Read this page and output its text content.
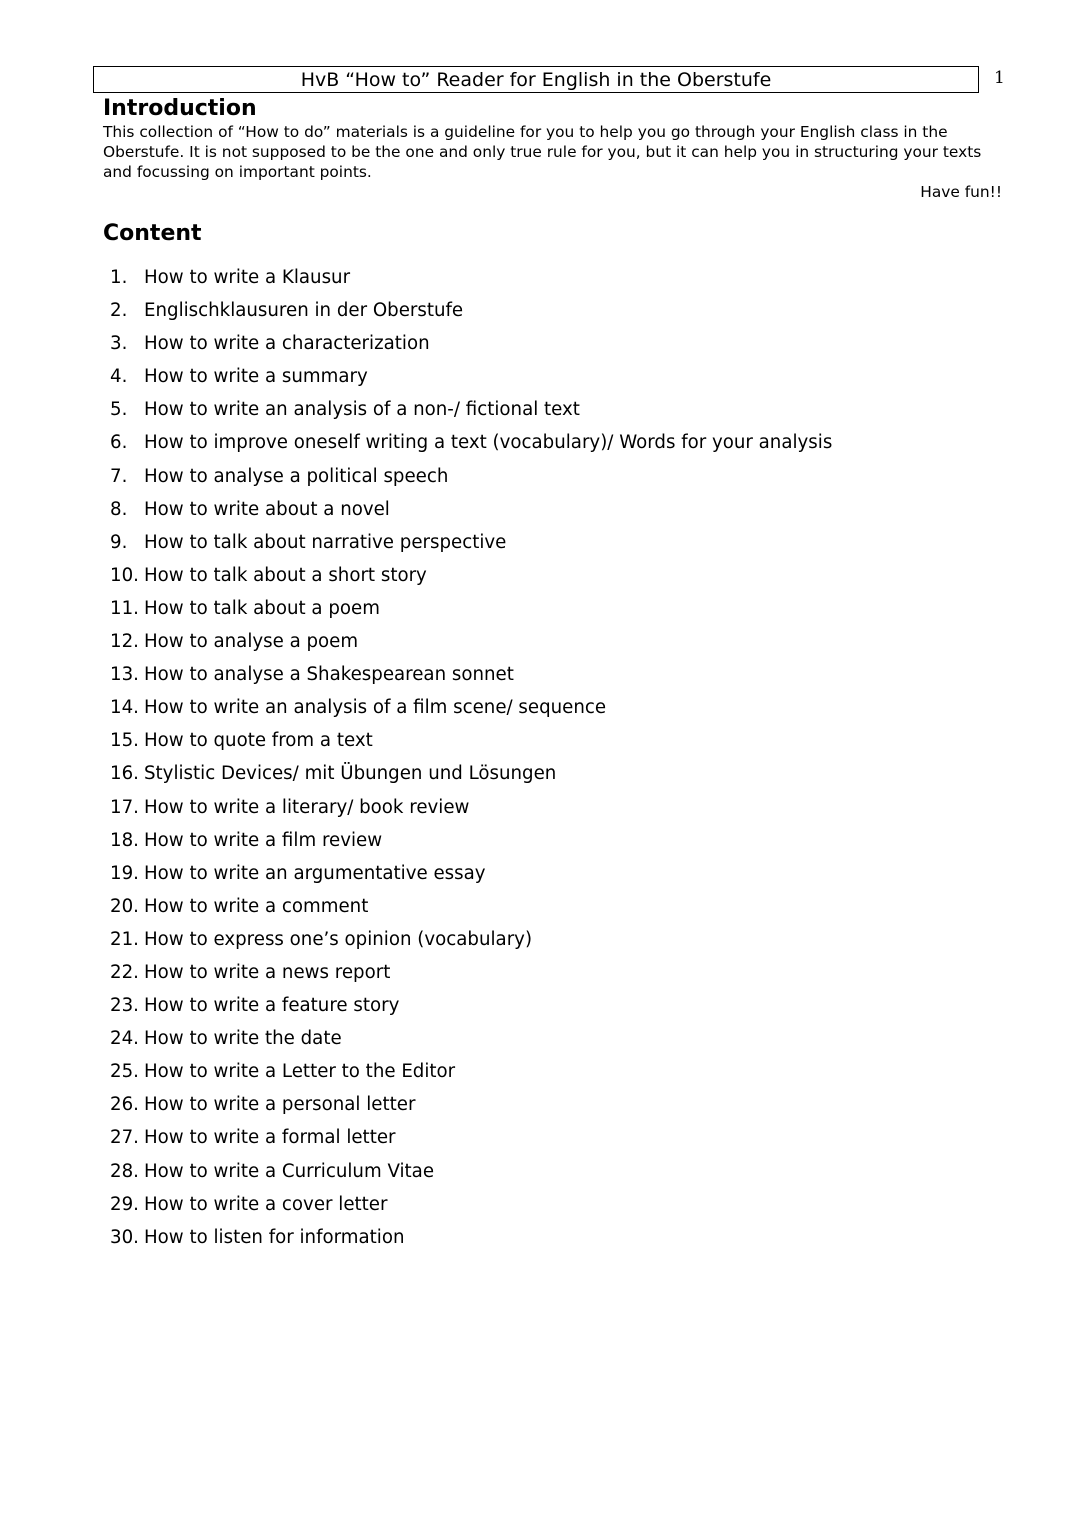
HvB “How to” Reader for English in the Oberstufe	1
Introduction
This collection of “How to do” materials is a guideline for you to help you go through your English class in the Oberstufe. It is not supposed to be the one and only true rule for you, but it can help you in structuring your texts and focussing on important points.
Have fun!!
Content
1. How to write a Klausur
2. Englischklausuren in der Oberstufe
3. How to write a characterization
4. How to write a summary
5. How to write an analysis of a non-/ fictional text
6. How to improve oneself writing a text (vocabulary)/ Words for your analysis
7. How to analyse a political speech
8. How to write about a novel
9. How to talk about narrative perspective
10. How to talk about a short story
11. How to talk about a poem
12. How to analyse a poem
13. How to analyse a Shakespearean sonnet
14. How to write an analysis of a film scene/ sequence
15. How to quote from a text
16. Stylistic Devices/ mit Übungen und Lösungen
17. How to write a literary/ book review
18. How to write a film review
19. How to write an argumentative essay
20. How to write a comment
21. How to express one’s opinion (vocabulary)
22. How to write a news report
23. How to write a feature story
24. How to write the date
25. How to write a Letter to the Editor
26. How to write a personal letter
27. How to write a formal letter
28. How to write a Curriculum Vitae
29. How to write a cover letter
30. How to listen for information
